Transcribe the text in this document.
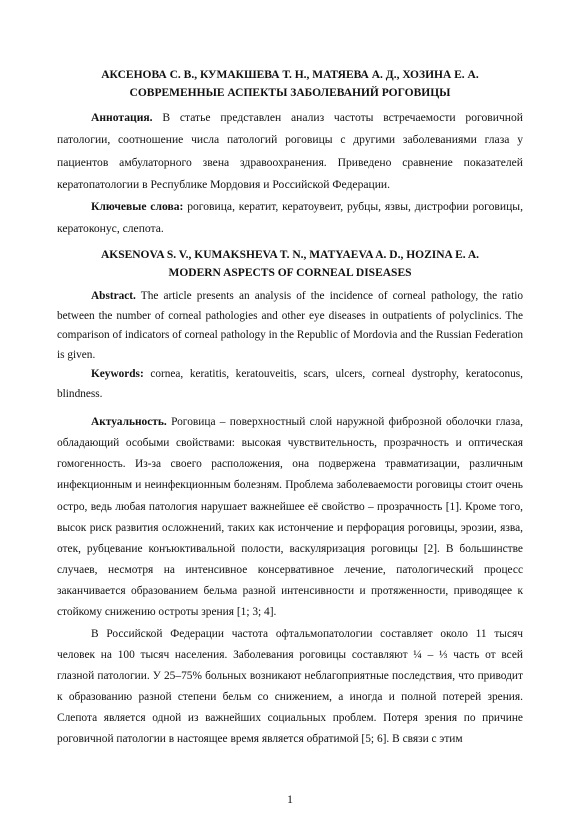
АКСЕНОВА С. В., КУМАКШЕВА Т. Н., МАТЯЕВА А. Д., ХОЗИНА Е. А.

СОВРЕМЕННЫЕ АСПЕКТЫ ЗАБОЛЕВАНИЙ РОГОВИЦЫ

Аннотация. В статье представлен анализ частоты встречаемости роговичной патологии, соотношение числа патологий роговицы с другими заболеваниями глаза у пациентов амбулаторного звена здравоохранения. Приведено сравнение показателей кератопатологии в Республике Мордовия и Российской Федерации.

Ключевые слова: роговица, кератит, кератоувеит, рубцы, язвы, дистрофии роговицы, кератоконус, слепота.

AKSENOVA S. V., KUMAKSHEVA T. N., MATYAEVA A. D., HOZINA E. A.

MODERN ASPECTS OF CORNEAL DISEASES

Abstract. The article presents an analysis of the incidence of corneal pathology, the ratio between the number of corneal pathologies and other eye diseases in outpatients of polyclinics. The comparison of indicators of corneal pathology in the Republic of Mordovia and the Russian Federation is given.

Keywords: cornea, keratitis, keratouveitis, scars, ulcers, corneal dystrophy, keratoconus, blindness.

Актуальность. Роговица – поверхностный слой наружной фиброзной оболочки глаза, обладающий особыми свойствами: высокая чувствительность, прозрачность и оптическая гомогенность. Из-за своего расположения, она подвержена травматизации, различным инфекционным и неинфекционным болезням. Проблема заболеваемости роговицы стоит очень остро, ведь любая патология нарушает важнейшее её свойство – прозрачность [1]. Кроме того, высок риск развития осложнений, таких как истончение и перфорация роговицы, эрозии, язва, отек, рубцевание конъюктивальной полости, васкуляризация роговицы [2]. В большинстве случаев, несмотря на интенсивное консервативное лечение, патологический процесс заканчивается образованием бельма разной интенсивности и протяженности, приводящее к стойкому снижению остроты зрения [1; 3; 4].

В Российской Федерации частота офтальмопатологии составляет около 11 тысяч человек на 100 тысяч населения. Заболевания роговицы составляют ¼ – ⅓ часть от всей глазной патологии. У 25–75% больных возникают неблагоприятные последствия, что приводит к образованию разной степени бельм со снижением, а иногда и полной потерей зрения. Слепота является одной из важнейших социальных проблем. Потеря зрения по причине роговичной патологии в настоящее время является обратимой [5; 6]. В связи с этим

1
